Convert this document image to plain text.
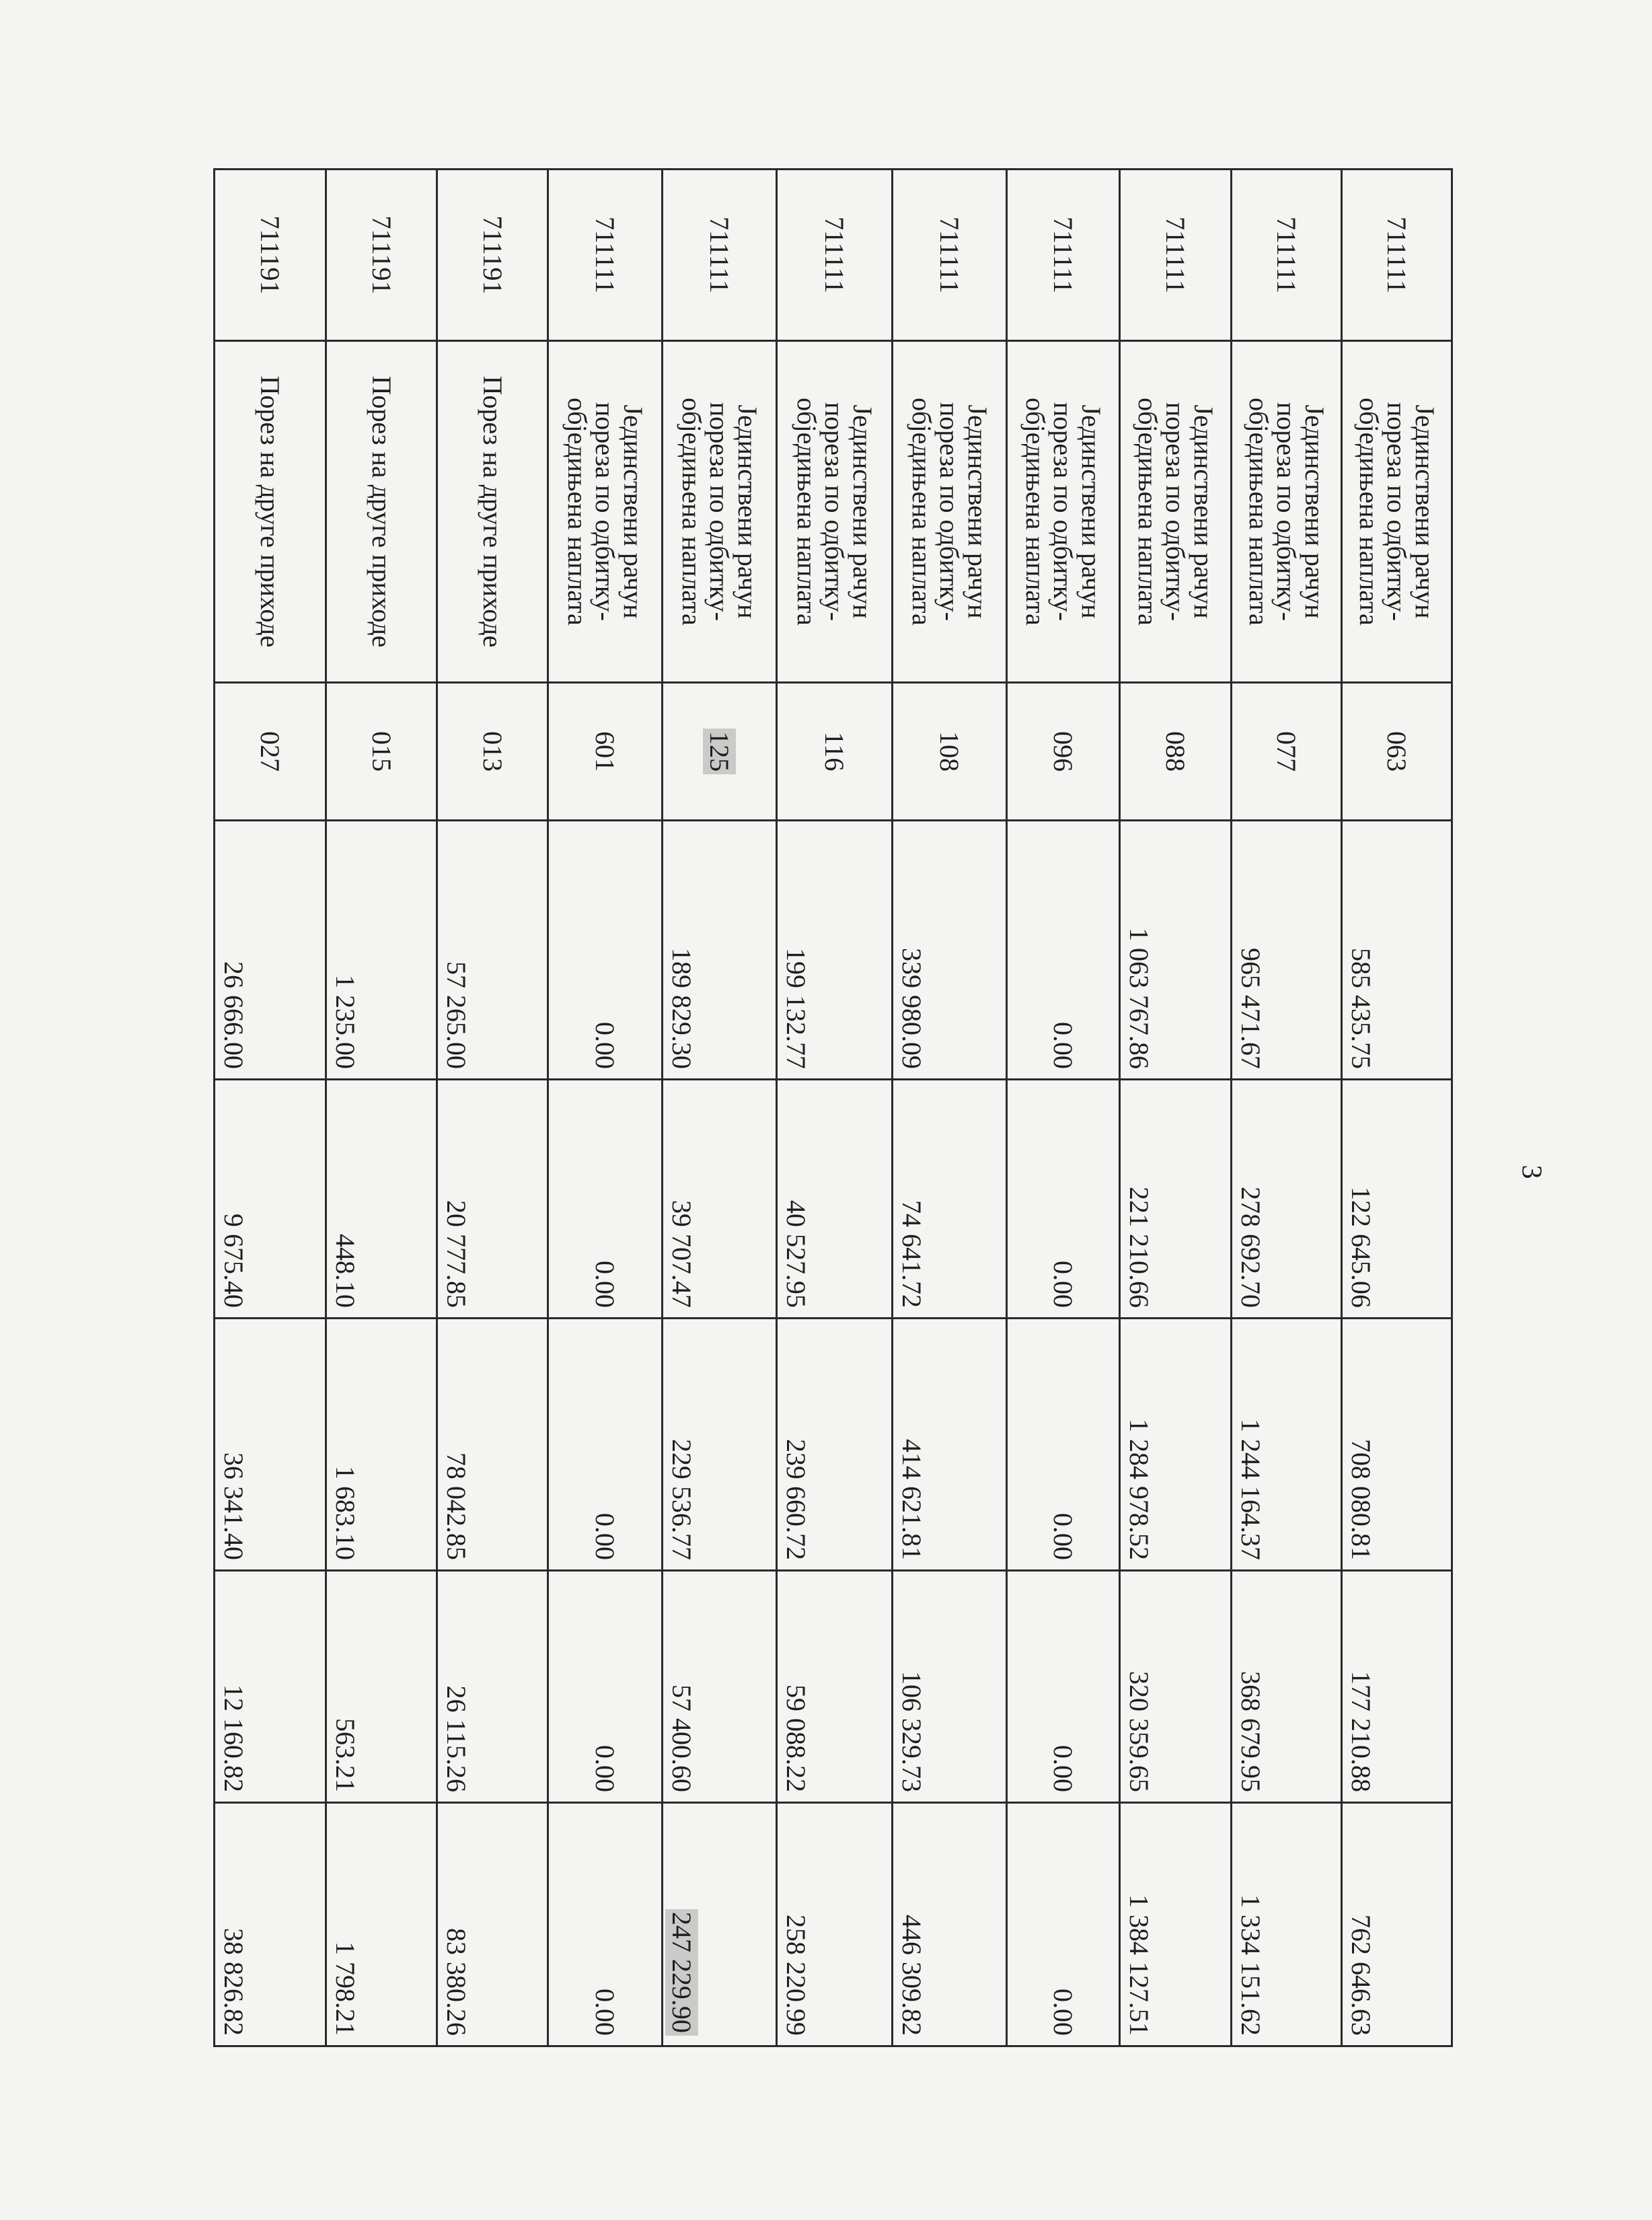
3
711111	Јединствени рачун
пореза по одбитку-
обједињена наплата	063	585 435.75	122 645.06	708 080.81	177 210.88	762 646.63
711111	Јединствени рачун
пореза по одбитку-
обједињена наплата	077	965 471.67	278 692.70	1 244 164.37	368 679.95	1 334 151.62
711111	Јединствени рачун
пореза по одбитку-
обједињена наплата	088	1 063 767.86	221 210.66	1 284 978.52	320 359.65	1 384 127.51
711111	Јединствени рачун
пореза по одбитку-
обједињена наплата	096	0.00	0.00	0.00	0.00	0.00
711111	Јединствени рачун
пореза по одбитку-
обједињена наплата	108	339 980.09	74 641.72	414 621.81	106 329.73	446 309.82
711111	Јединствени рачун
пореза по одбитку-
обједињена наплата	116	199 132.77	40 527.95	239 660.72	59 088.22	258 220.99
711111	Јединствени рачун
пореза по одбитку-
обједињена наплата	125	189 829.30	39 707.47	229 536.77	57 400.60	247 229.90
711111	Јединствени рачун
пореза по одбитку-
обједињена наплата	601	0.00	0.00	0.00	0.00	0.00
711191	Порез на друге приходе	013	57 265.00	20 777.85	78 042.85	26 115.26	83 380.26
711191	Порез на друге приходе	015	1 235.00	448.10	1 683.10	563.21	1 798.21
711191	Порез на друге приходе	027	26 666.00	9 675.40	36 341.40	12 160.82	38 826.82
